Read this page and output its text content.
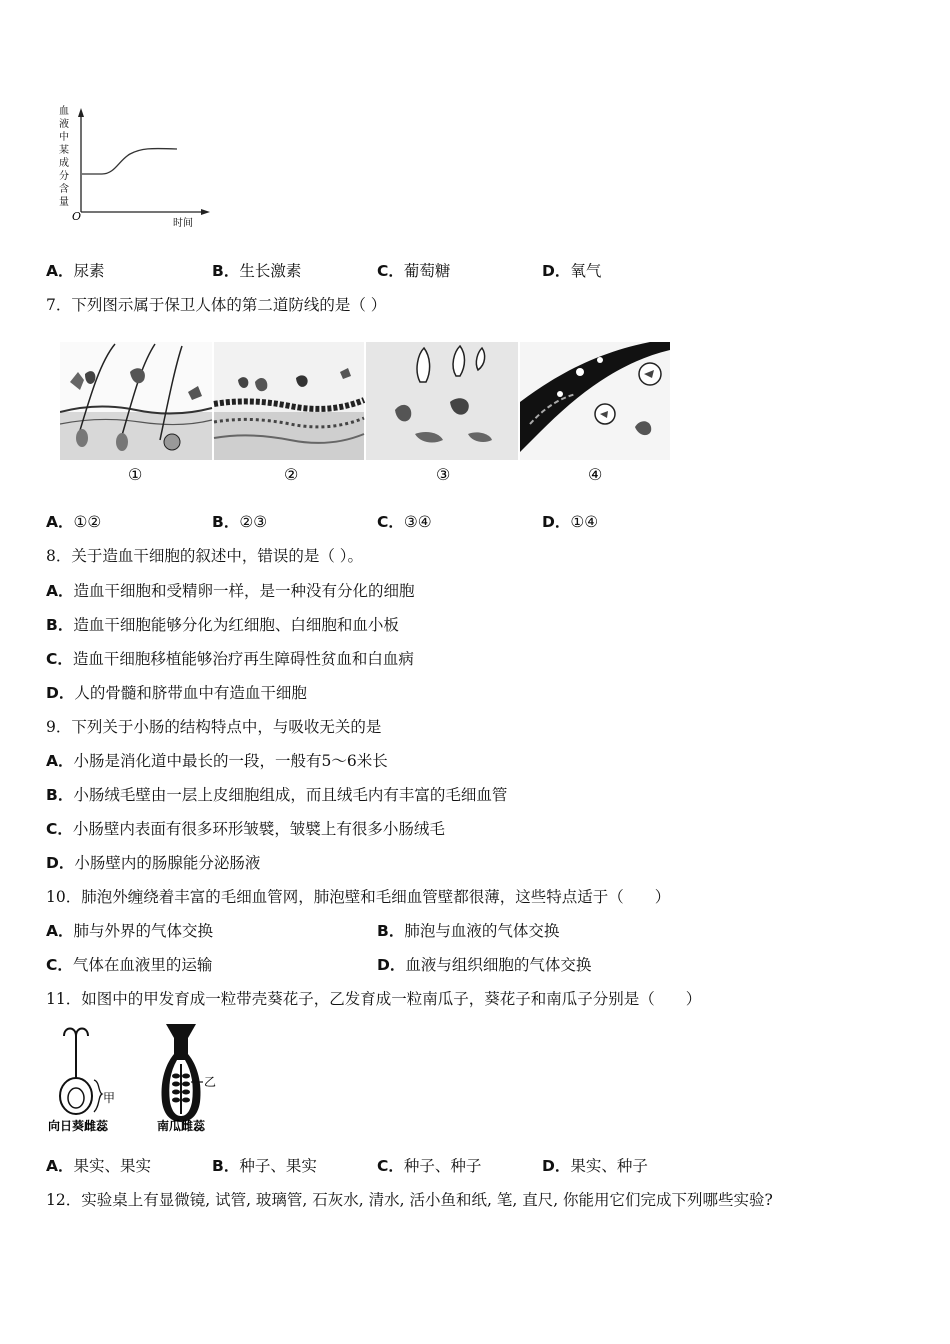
血
液
中
某
成
分
含
量
O
时间
A．尿素	B．生长激素	C．葡萄糖	D．氧气
7．下列图示属于保卫人体的第二道防线的是（ ）
①	②	③	④
A．①②	B．②③	C．③④	D．①④
8．关于造血干细胞的叙述中，错误的是（ ）。
A．造血干细胞和受精卵一样，是一种没有分化的细胞
B．造血干细胞能够分化为红细胞、白细胞和血小板
C．造血干细胞移植能够治疗再生障碍性贫血和白血病
D．人的骨髓和脐带血中有造血干细胞
9．下列关于小肠的结构特点中，与吸收无关的是
A．小肠是消化道中最长的一段，一般有5～6米长
B．小肠绒毛壁由一层上皮细胞组成，而且绒毛内有丰富的毛细血管
C．小肠壁内表面有很多环形皱襞，皱襞上有很多小肠绒毛
D．小肠壁内的肠腺能分泌肠液
10．肺泡外缠绕着丰富的毛细血管网，肺泡壁和毛细血管壁都很薄，这些特点适于（　　）
A．肺与外界的气体交换	B．肺泡与血液的气体交换
C．气体在血液里的运输	D．血液与组织细胞的气体交换
11．如图中的甲发育成一粒带壳葵花子，乙发育成一粒南瓜子，葵花子和南瓜子分别是（　　）
甲
向日葵雌蕊
乙
南瓜雌蕊
A．果实、果实	B．种子、果实	C．种子、种子	D．果实、种子
12．实验桌上有显微镜, 试管, 玻璃管, 石灰水, 清水, 活小鱼和纸, 笔, 直尺, 你能用它们完成下列哪些实验?
